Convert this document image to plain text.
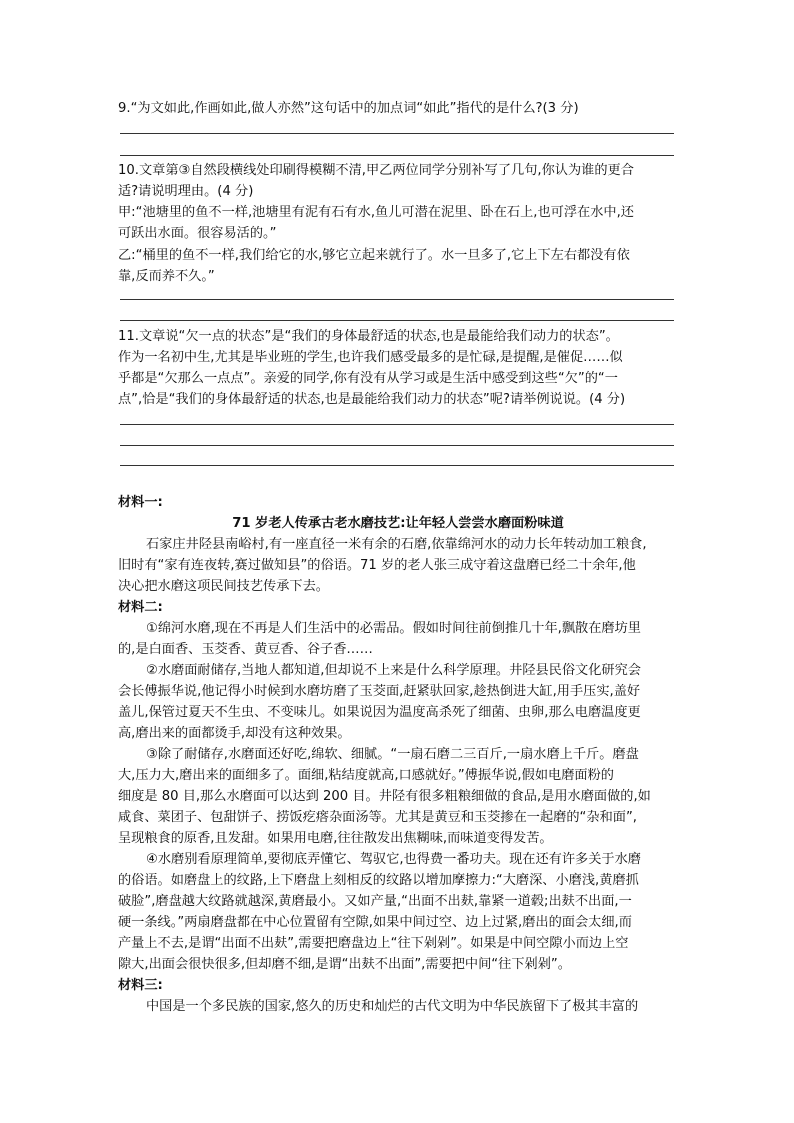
9.“为文如此,作画如此,做人亦然”这句话中的加点词“如此”指代的是什么?(3 分)
10.文章第③自然段横线处印刷得模糊不清,甲乙两位同学分别补写了几句,你认为谁的更合
适?请说明理由。(4 分)
甲:“池塘里的鱼不一样,池塘里有泥有石有水,鱼儿可潜在泥里、卧在石上,也可浮在水中,还
可跃出水面。很容易活的。”
乙:“桶里的鱼不一样,我们给它的水,够它立起来就行了。水一旦多了,它上下左右都没有依
靠,反而养不久。”
11.文章说“欠一点的状态”是“我们的身体最舒适的状态,也是最能给我们动力的状态”。
作为一名初中生,尤其是毕业班的学生,也许我们感受最多的是忙碌,是提醒,是催促……似
乎都是“欠那么一点点”。亲爱的同学,你有没有从学习或是生活中感受到这些“欠”的“一
点”,恰是“我们的身体最舒适的状态,也是最能给我们动力的状态”呢?请举例说说。(4 分)
材料一:
71 岁老人传承古老水磨技艺:让年轻人尝尝水磨面粉味道
石家庄井陉县南峪村,有一座直径一米有余的石磨,依靠绵河水的动力长年转动加工粮食,
旧时有“家有连夜转,赛过做知县”的俗语。71 岁的老人张三成守着这盘磨已经二十余年,他
决心把水磨这项民间技艺传承下去。
材料二:
①绵河水磨,现在不再是人们生活中的必需品。假如时间往前倒推几十年,飘散在磨坊里
的,是白面香、玉茭香、黄豆香、谷子香……
②水磨面耐储存,当地人都知道,但却说不上来是什么科学原理。井陉县民俗文化研究会
会长傅振华说,他记得小时候到水磨坊磨了玉茭面,赶紧驮回家,趁热倒进大缸,用手压实,盖好
盖儿,保管过夏天不生虫、不变味儿。如果说因为温度高杀死了细菌、虫卵,那么电磨温度更
高,磨出来的面都烫手,却没有这种效果。
③除了耐储存,水磨面还好吃,绵软、细腻。“一扇石磨二三百斤,一扇水磨上千斤。磨盘
大,压力大,磨出来的面细多了。面细,粘结度就高,口感就好。”傅振华说,假如电磨面粉的
细度是 80 目,那么水磨面可以达到 200 目。井陉有很多粗粮细做的食品,是用水磨面做的,如
咸食、菜团子、包甜饼子、捞饭疙瘩杂面汤等。尤其是黄豆和玉茭掺在一起磨的“杂和面”,
呈现粮食的原香,且发甜。如果用电磨,往往散发出焦糊味,而味道变得发苦。
④水磨别看原理简单,要彻底弄懂它、驾驭它,也得费一番功夫。现在还有许多关于水磨
的俗语。如磨盘上的纹路,上下磨盘上刻相反的纹路以增加摩擦力:“大磨深、小磨浅,黄磨抓
破脸”,磨盘越大纹路就越深,黄磨最小。又如产量,“出面不出麸,靠紧一道毂;出麸不出面,一
硬一条线。”两扇磨盘都在中心位置留有空隙,如果中间过空、边上过紧,磨出的面会太细,而
产量上不去,是谓“出面不出麸”,需要把磨盘边上“往下剁剁”。如果是中间空隙小而边上空
隙大,出面会很快很多,但却磨不细,是谓“出麸不出面”,需要把中间“往下剁剁”。
材料三:
中国是一个多民族的国家,悠久的历史和灿烂的古代文明为中华民族留下了极其丰富的
